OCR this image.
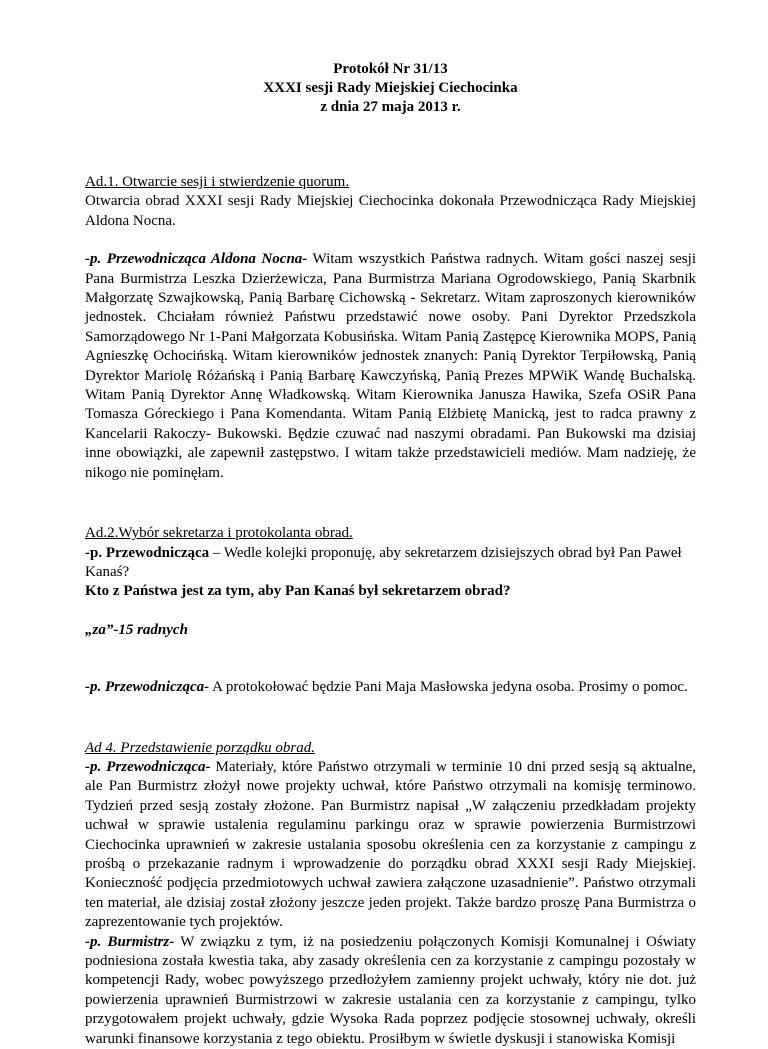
Protokół Nr 31/13
XXXI sesji Rady Miejskiej Ciechocinka
z dnia 27 maja 2013 r.

Ad.1. Otwarcie sesji i stwierdzenie quorum.

Otwarcia obrad XXXI sesji Rady Miejskiej Ciechocinka dokonała Przewodnicząca Rady Miejskiej Aldona Nocna.

-p. Przewodnicząca Aldona Nocna- Witam wszystkich Państwa radnych. Witam gości naszej sesji Pana Burmistrza Leszka Dzierżewicza, Pana Burmistrza Mariana Ogrodowskiego, Panią Skarbnik Małgorzatę Szwajkowską, Panią Barbarę Cichowską - Sekretarz. Witam zaproszonych kierowników jednostek. Chciałam również Państwu przedstawić nowe osoby. Pani Dyrektor Przedszkola Samorządowego Nr 1-Pani Małgorzata Kobusińska. Witam Panią Zastępcę Kierownika MOPS, Panią Agnieszkę Ochocińską. Witam kierowników jednostek znanych: Panią Dyrektor Terpiłowską, Panią Dyrektor Mariolę Różańską i Panią Barbarę Kawczyńską, Panią Prezes MPWiK Wandę Buchalską. Witam Panią Dyrektor Annę Władkowską. Witam Kierownika Janusza Hawika, Szefa OSiR Pana Tomasza Góreckiego i Pana Komendanta. Witam Panią Elżbietę Manicką, jest to radca prawny z Kancelarii Rakoczy- Bukowski. Będzie czuwać nad naszymi obradami. Pan Bukowski ma dzisiaj inne obowiązki, ale zapewnił zastępstwo. I witam także przedstawicieli mediów. Mam nadzieję, że nikogo nie pominęłam.

Ad.2.Wybór sekretarza i protokolanta obrad.

-p. Przewodnicząca – Wedle kolejki proponuję, aby sekretarzem dzisiejszych obrad był Pan Paweł Kanaś?

Kto z Państwa jest za tym, aby Pan Kanaś był sekretarzem obrad?

„za”-15 radnych

-p. Przewodnicząca- A protokołować będzie Pani Maja Masłowska jedyna osoba. Prosimy o pomoc.

Ad 4. Przedstawienie porządku obrad.

-p. Przewodnicząca- Materiały, które Państwo otrzymali w terminie 10 dni przed sesją są aktualne, ale Pan Burmistrz złożył nowe projekty uchwał, które Państwo otrzymali na komisję terminowo. Tydzień przed sesją zostały złożone. Pan Burmistrz napisał „W załączeniu przedkładam projekty uchwał w sprawie ustalenia regulaminu parkingu oraz w sprawie powierzenia Burmistrzowi Ciechocinka uprawnień w zakresie ustalania sposobu określenia cen za korzystanie z campingu z prośbą o przekazanie radnym i wprowadzenie do porządku obrad XXXI sesji Rady Miejskiej. Konieczność podjęcia przedmiotowych uchwał zawiera załączone uzasadnienie”. Państwo otrzymali ten materiał, ale dzisiaj został złożony jeszcze jeden projekt. Także bardzo proszę Pana Burmistrza o zaprezentowanie tych projektów.

-p. Burmistrz- W związku z tym, iż na posiedzeniu połączonych Komisji Komunalnej i Oświaty podniesiona została kwestia taka, aby zasady określenia cen za korzystanie z campingu pozostały w kompetencji Rady, wobec powyższego przedłożyłem zamienny projekt uchwały, który nie dot. już powierzenia uprawnień Burmistrzowi w zakresie ustalania cen za korzystanie z campingu, tylko przygotowałem projekt uchwały, gdzie Wysoka Rada poprzez podjęcie stosownej uchwały, określi warunki finansowe korzystania z tego obiektu. Prosiłbym w świetle dyskusji i stanowiska Komisji
